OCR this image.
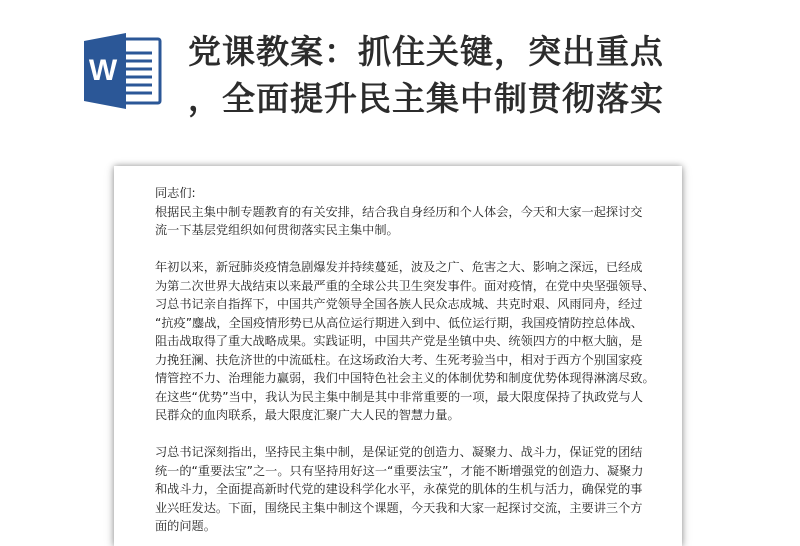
W 党课教案：抓住关键，突出重点
，全面提升民主集中制贯彻落实
同志们:
根据民主集中制专题教育的有关安排，结合我自身经历和个人体会，今天和大家一起探讨交
流一下基层党组织如何贯彻落实民主集中制。
年初以来，新冠肺炎疫情急剧爆发并持续蔓延，波及之广、危害之大、影响之深远，已经成
为第二次世界大战结束以来最严重的全球公共卫生突发事件。面对疫情，在党中央坚强领导、
习总书记亲自指挥下，中国共产党领导全国各族人民众志成城、共克时艰、风雨同舟，经过
“抗疫”鏖战，全国疫情形势已从高位运行期进入到中、低位运行期，我国疫情防控总体战、
阻击战取得了重大战略成果。实践证明，中国共产党是坐镇中央、统领四方的中枢大脑，是
力挽狂澜、扶危济世的中流砥柱。在这场政治大考、生死考验当中，相对于西方个别国家疫
情管控不力、治理能力赢弱，我们中国特色社会主义的体制优势和制度优势体现得淋漓尽致。
在这些“优势”当中，我认为民主集中制是其中非常重要的一项，最大限度保持了执政党与人
民群众的血肉联系，最大限度汇聚广大人民的智慧力量。
习总书记深刻指出，坚持民主集中制，是保证党的创造力、凝聚力、战斗力，保证党的团结
统一的“重要法宝”之一。只有坚持用好这一“重要法宝”，才能不断增强党的创造力、凝聚力
和战斗力，全面提高新时代党的建设科学化水平，永葆党的肌体的生机与活力，确保党的事
业兴旺发达。下面，围绕民主集中制这个课题，今天我和大家一起探讨交流，主要讲三个方
面的问题。
